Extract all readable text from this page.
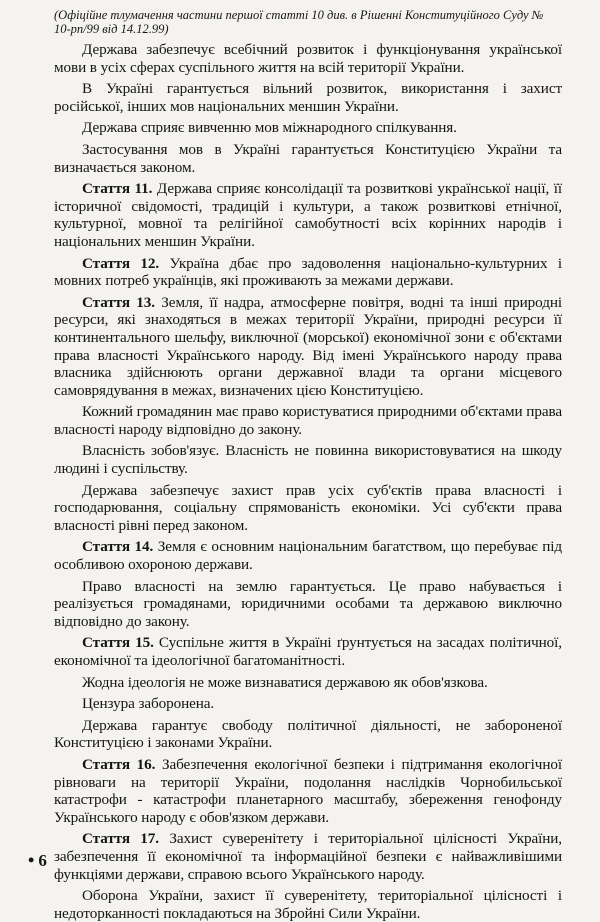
(Офіційне тлумачення частини першої статті 10 див. в Рішенні Конституційного Суду № 10-рп/99 від 14.12.99)
Держава забезпечує всебічний розвиток і функціонування української мови в усіх сферах суспільного життя на всій території України.
В Україні гарантується вільний розвиток, використання і захист російської, інших мов національних меншин України.
Держава сприяє вивченню мов міжнародного спілкування.
Застосування мов в Україні гарантується Конституцією України та визначається законом.
Стаття 11. Держава сприяє консолідації та розвиткові української нації, її історичної свідомості, традицій і культури, а також розвиткові етнічної, культурної, мовної та релігійної самобутності всіх корінних народів і національних меншин України.
Стаття 12. Україна дбає про задоволення національно-культурних і мовних потреб українців, які проживають за межами держави.
Стаття 13. Земля, її надра, атмосферне повітря, водні та інші природні ресурси, які знаходяться в межах території України, природні ресурси її континентального шельфу, виключної (морської) економічної зони є об'єктами права власності Українського народу. Від імені Українського народу права власника здійснюють органи державної влади та органи місцевого самоврядування в межах, визначених цією Конституцією.
Кожний громадянин має право користуватися природними об'єктами права власності народу відповідно до закону.
Власність зобов'язує. Власність не повинна використовуватися на шкоду людині і суспільству.
Держава забезпечує захист прав усіх суб'єктів права власності і господарювання, соціальну спрямованість економіки. Усі суб'єкти права власності рівні перед законом.
Стаття 14. Земля є основним національним багатством, що перебуває під особливою охороною держави.
Право власності на землю гарантується. Це право набувається і реалізується громадянами, юридичними особами та державою виключно відповідно до закону.
Стаття 15. Суспільне життя в Україні ґрунтується на засадах політичної, економічної та ідеологічної багатоманітності.
Жодна ідеологія не може визнаватися державою як обов'язкова.
Цензура заборонена.
Держава гарантує свободу політичної діяльності, не забороненої Конституцією і законами України.
Стаття 16. Забезпечення екологічної безпеки і підтримання екологічної рівноваги на території України, подолання наслідків Чорнобильської катастрофи - катастрофи планетарного масштабу, збереження генофонду Українського народу є обов'язком держави.
Стаття 17. Захист суверенітету і територіальної цілісності України, забезпечення її економічної та інформаційної безпеки є найважливішими функціями держави, справою всього Українського народу.
Оборона України, захист її суверенітету, територіальної цілісності і недоторканності покладаються на Збройні Сили України.
• 6
